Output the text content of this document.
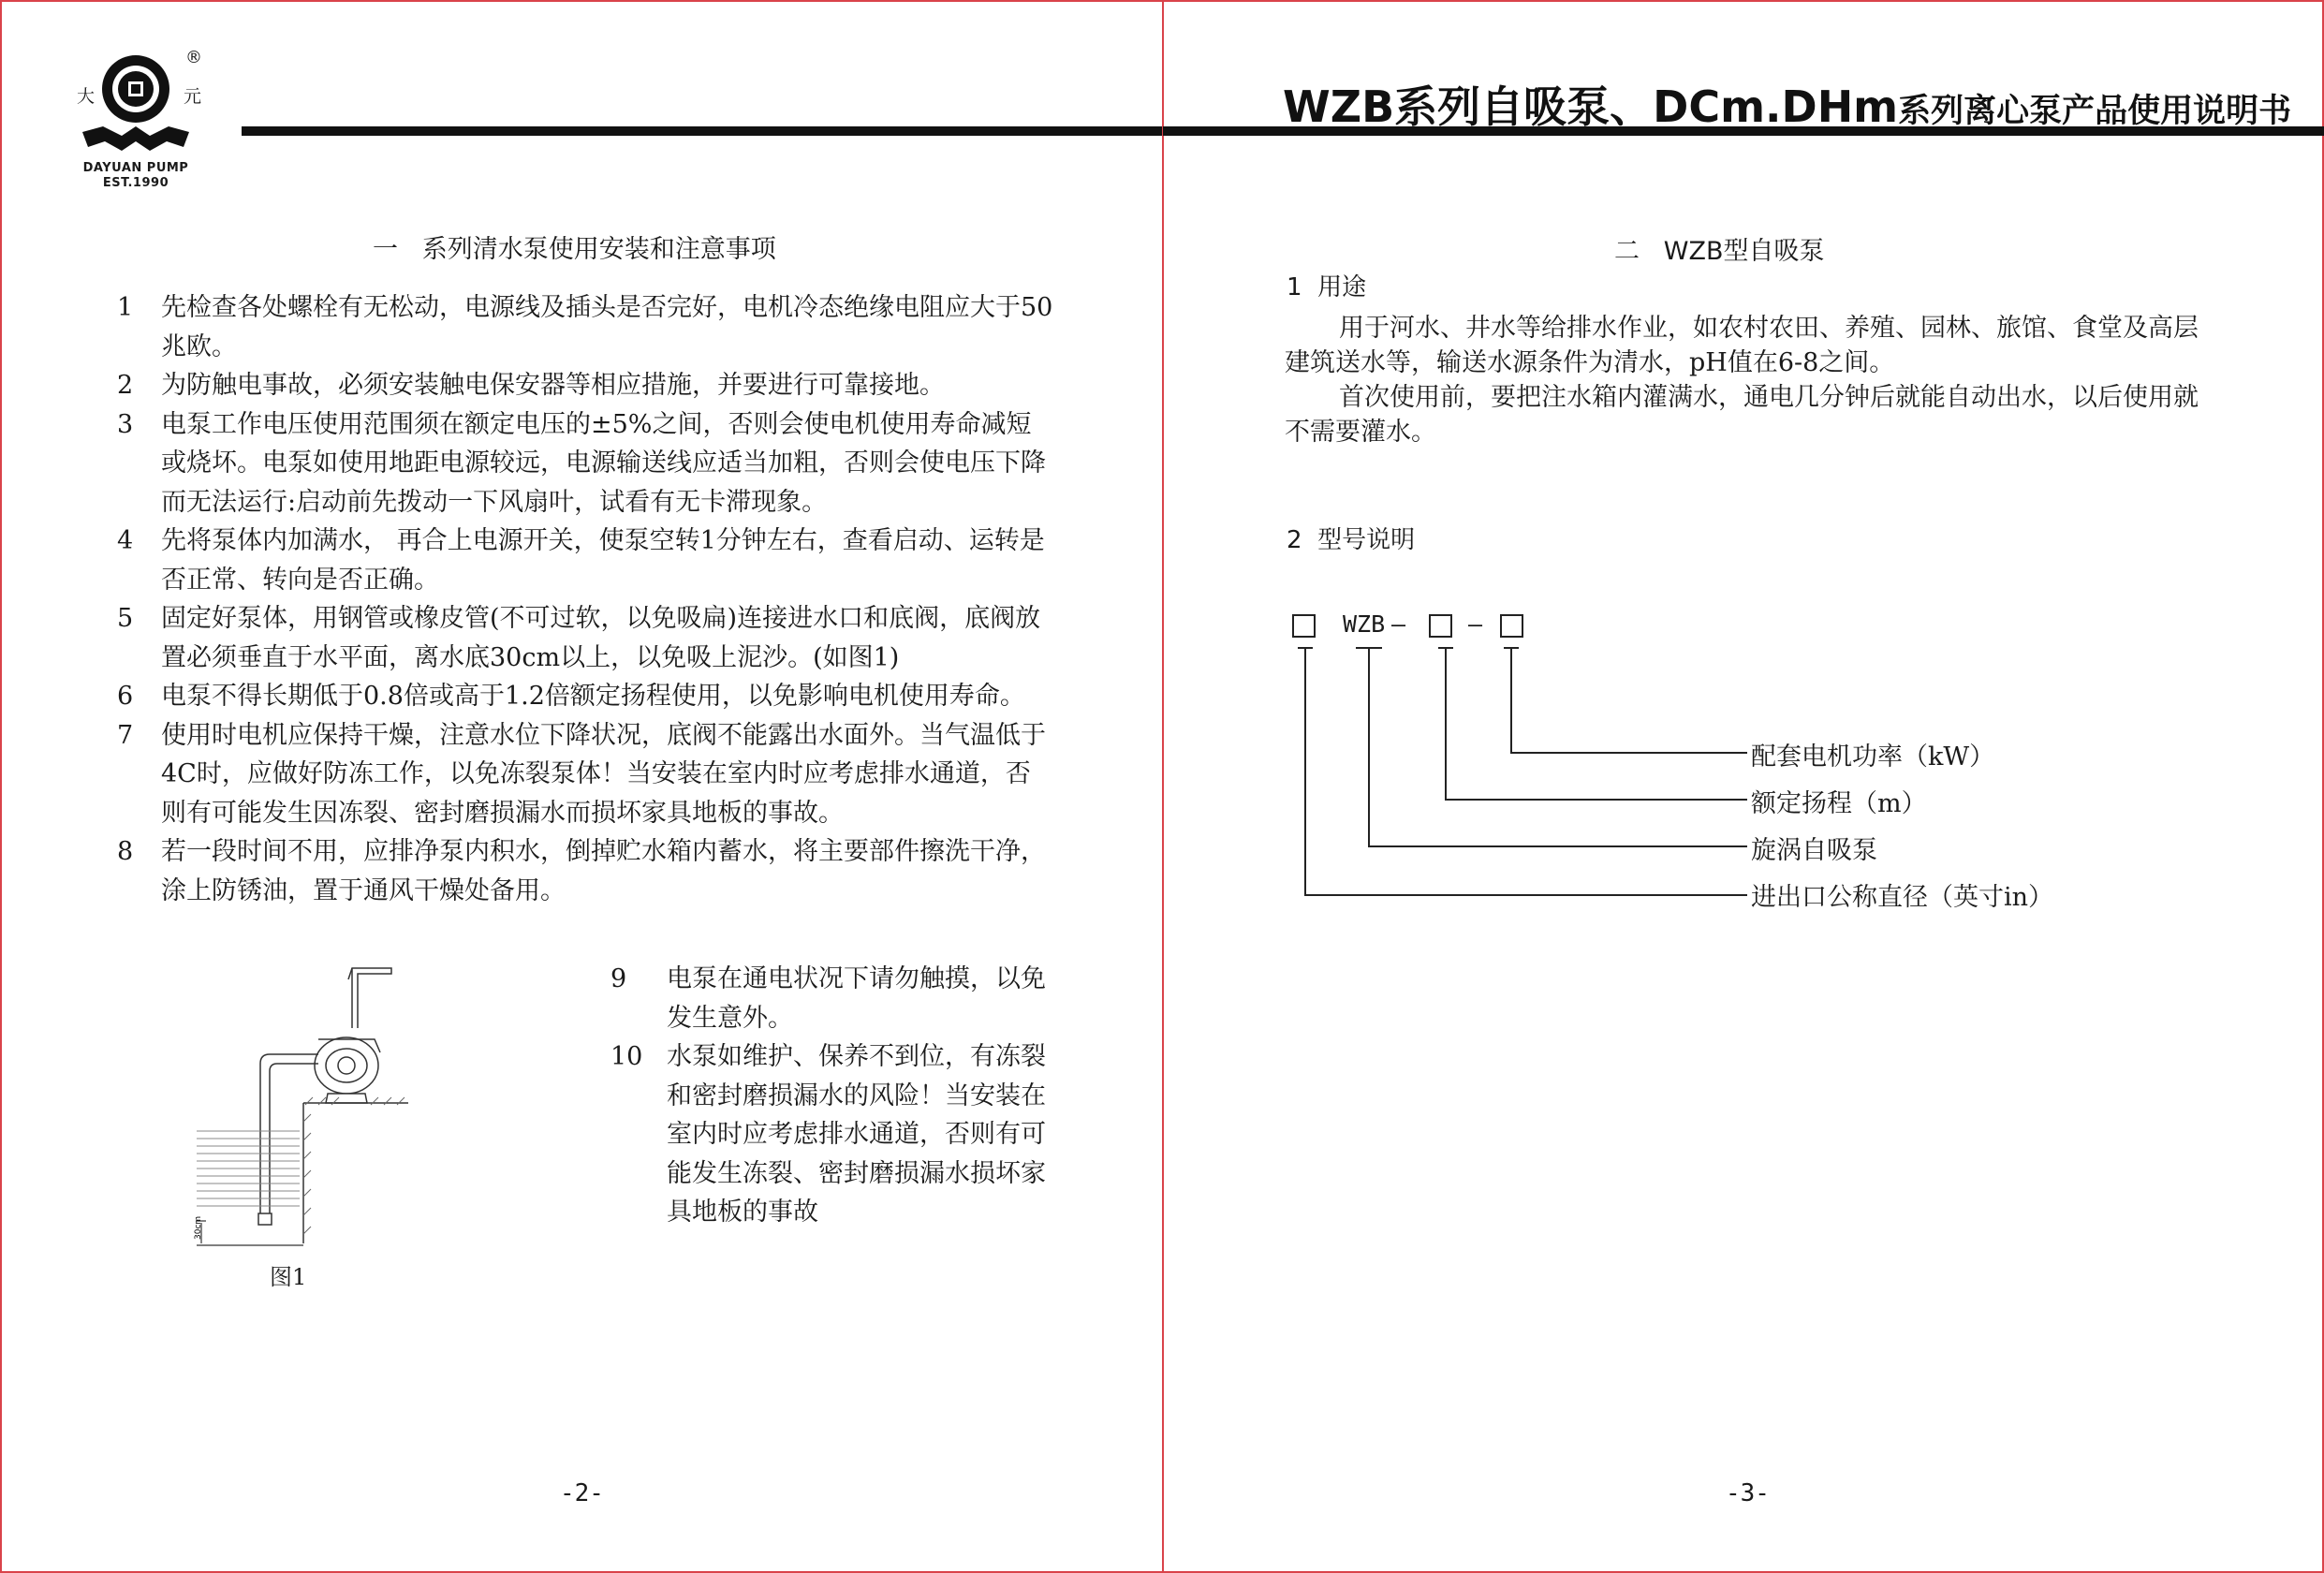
大	元
®
DAYUAN PUMP
EST.1990
WZB系列自吸泵、DCm.DHm系列离心泵产品使用说明书
一   系列清水泵使用安装和注意事项
1 先检查各处螺栓有无松动，电源线及插头是否完好，电机冷态绝缘电阻应大于50兆欧。
2 为防触电事故，必须安装触电保安器等相应措施，并要进行可靠接地。
3 电泵工作电压使用范围须在额定电压的±5%之间，否则会使电机使用寿命减短或烧坏。电泵如使用地距电源较远，电源输送线应适当加粗，否则会使电压下降而无法运行:启动前先拨动一下风扇叶，试看有无卡滞现象。
4 先将泵体内加满水， 再合上电源开关，使泵空转1分钟左右，查看启动、运转是否正常、转向是否正确。
5 固定好泵体，用钢管或橡皮管(不可过软，以免吸扁)连接进水口和底阀，底阀放置必须垂直于水平面，离水底30cm以上，以免吸上泥沙。(如图1)
6 电泵不得长期低于0.8倍或高于1.2倍额定扬程使用，以免影响电机使用寿命。
7 使用时电机应保持干燥，注意水位下降状况，底阀不能露出水面外。当气温低于4C时，应做好防冻工作，以免冻裂泵体！当安装在室内时应考虑排水通道，否则有可能发生因冻裂、密封磨损漏水而损坏家具地板的事故。
8 若一段时间不用，应排净泵内积水，倒掉贮水箱内蓄水，将主要部件擦洗干净，涂上防锈油，置于通风干燥处备用。
30cm
图1
9 电泵在通电状况下请勿触摸，以免发生意外。
10 水泵如维护、保养不到位，有冻裂和密封磨损漏水的风险！当安装在室内时应考虑排水通道，否则有可能发生冻裂、密封磨损漏水损坏家具地板的事故
-2-
二   WZB型自吸泵
1  用途

用于河水、井水等给排水作业，如农村农田、养殖、园林、旅馆、食堂及高层建筑送水等，输送水源条件为清水，pH值在6-8之间。

首次使用前，要把注水箱内灌满水，通电几分钟后就能自动出水，以后使用就不需要灌水。

2  型号说明
WZB —	—
配套电机功率（kW）
额定扬程（m）
旋涡自吸泵
进出口公称直径（英寸in）
-3-
